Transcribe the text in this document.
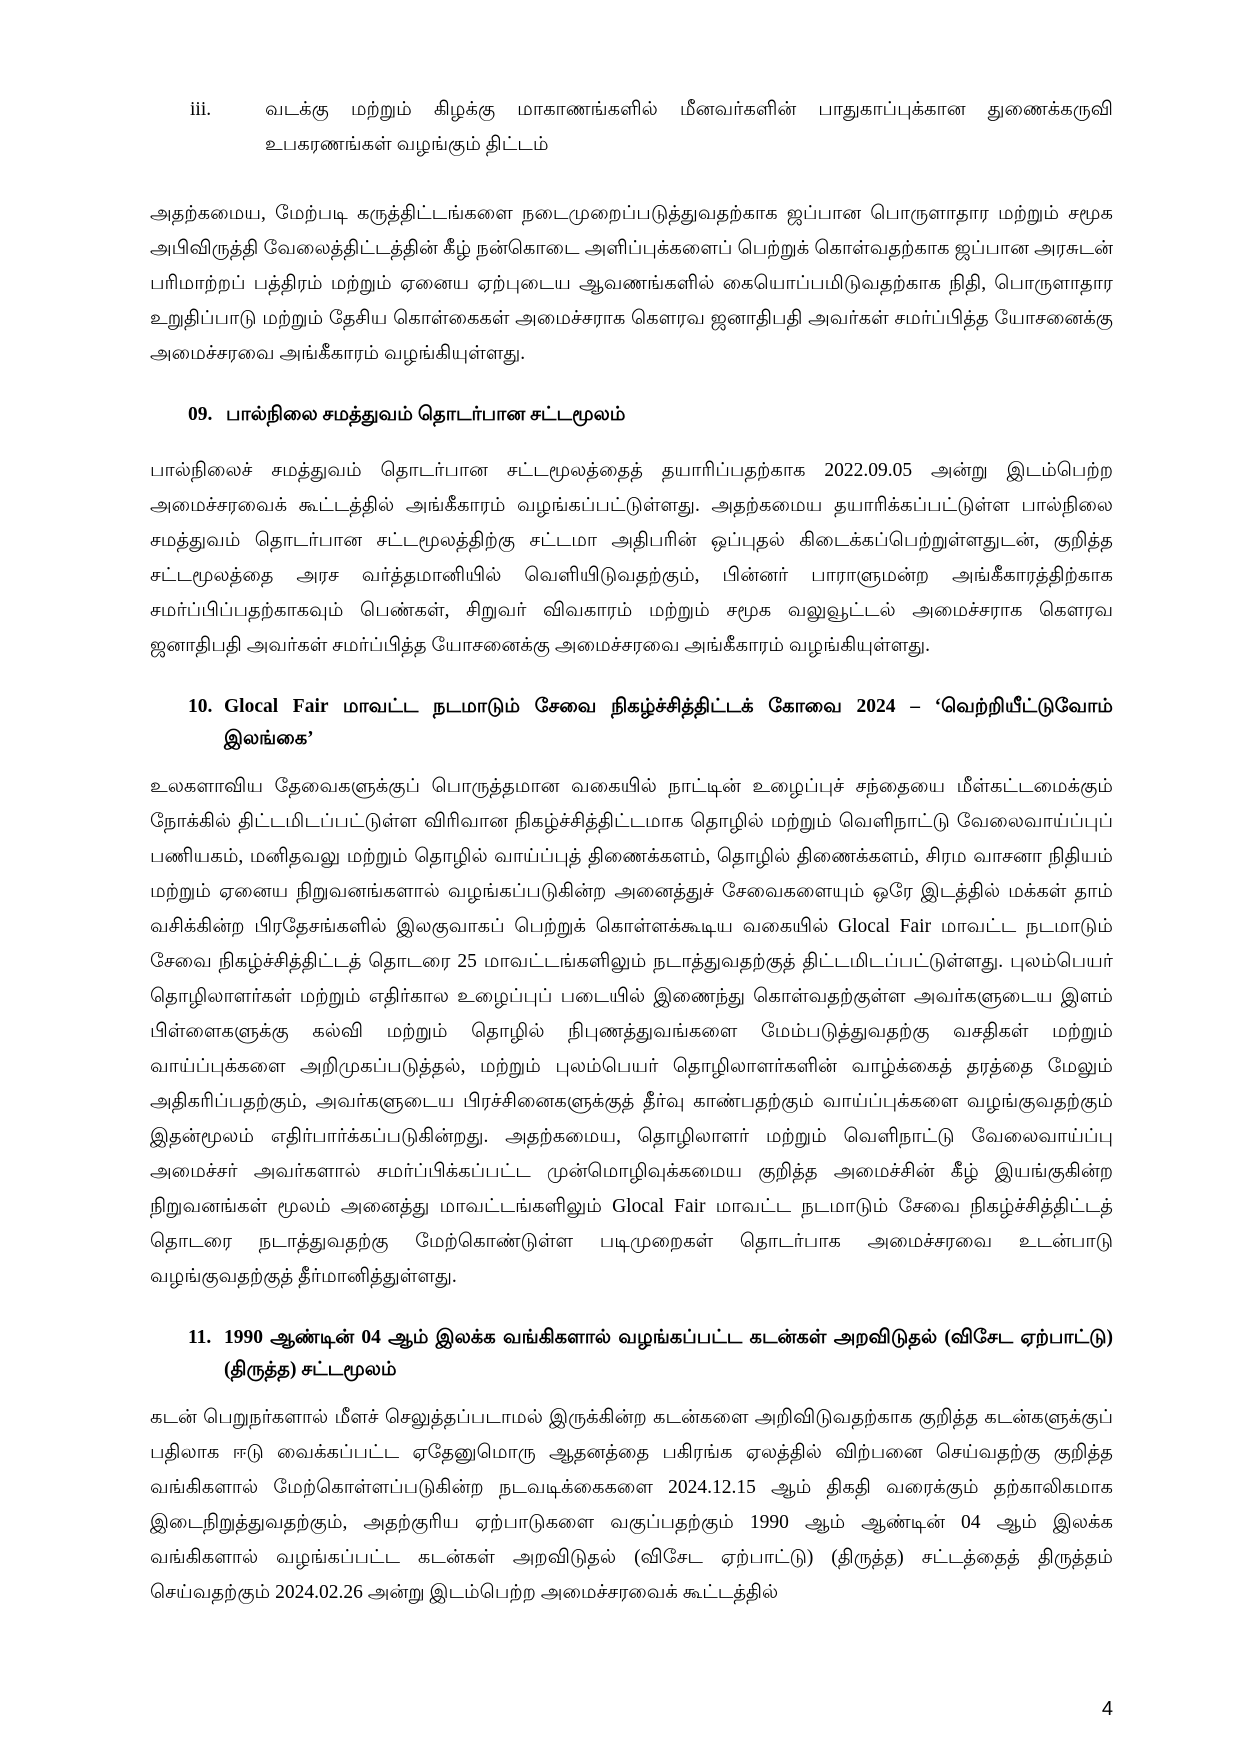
iii.	வடக்கு மற்றும் கிழக்கு மாகாணங்களில் மீனவர்களின் பாதுகாப்புக்கான துணைக்கருவி உபகரணங்கள் வழங்கும் திட்டம்

அதற்கமைய, மேற்படி கருத்திட்டங்களை நடைமுறைப்படுத்துவதற்காக ஜப்பான பொருளாதார மற்றும் சமூக அபிவிருத்தி வேலைத்திட்டத்தின் கீழ் நன்கொடை அளிப்புக்களைப் பெற்றுக் கொள்வதற்காக ஜப்பான அரசுடன் பரிமாற்றப் பத்திரம் மற்றும் ஏனைய ஏற்புடைய ஆவணங்களில் கையொப்பமிடுவதற்காக நிதி, பொருளாதார உறுதிப்பாடு மற்றும் தேசிய கொள்கைகள் அமைச்சராக கௌரவ ஜனாதிபதி அவர்கள் சமர்ப்பித்த யோசனைக்கு அமைச்சரவை அங்கீகாரம் வழங்கியுள்ளது.

09. பால்நிலை சமத்துவம் தொடர்பான சட்டமூலம்

பால்நிலைச் சமத்துவம் தொடர்பான சட்டமூலத்தைத் தயாரிப்பதற்காக 2022.09.05 அன்று இடம்பெற்ற அமைச்சரவைக் கூட்டத்தில் அங்கீகாரம் வழங்கப்பட்டுள்ளது. அதற்கமைய தயாரிக்கப்பட்டுள்ள பால்நிலை சமத்துவம் தொடர்பான சட்டமூலத்திற்கு சட்டமா அதிபரின் ஒப்புதல் கிடைக்கப்பெற்றுள்ளதுடன், குறித்த சட்டமூலத்தை அரச வர்த்தமானியில் வெளியிடுவதற்கும், பின்னர் பாராளுமன்ற அங்கீகாரத்திற்காக சமர்ப்பிப்பதற்காகவும் பெண்கள், சிறுவர் விவகாரம் மற்றும் சமூக வலுவூட்டல் அமைச்சராக கௌரவ ஜனாதிபதி அவர்கள் சமர்ப்பித்த யோசனைக்கு அமைச்சரவை அங்கீகாரம் வழங்கியுள்ளது.

10. Glocal Fair மாவட்ட நடமாடும் சேவை நிகழ்ச்சித்திட்டக் கோவை 2024 – ‘வெற்றியீட்டுவோம் இலங்கை’

உலகளாவிய தேவைகளுக்குப் பொருத்தமான வகையில் நாட்டின் உழைப்புச் சந்தையை மீள்கட்டமைக்கும் நோக்கில் திட்டமிடப்பட்டுள்ள விரிவான நிகழ்ச்சித்திட்டமாக தொழில் மற்றும் வெளிநாட்டு வேலைவாய்ப்புப் பணியகம், மனிதவலு மற்றும் தொழில் வாய்ப்புத் திணைக்களம், தொழில் திணைக்களம், சிரம வாசனா நிதியம் மற்றும் ஏனைய நிறுவனங்களால் வழங்கப்படுகின்ற அனைத்துச் சேவைகளையும் ஒரே இடத்தில் மக்கள் தாம் வசிக்கின்ற பிரதேசங்களில் இலகுவாகப் பெற்றுக் கொள்ளக்கூடிய வகையில் Glocal Fair மாவட்ட நடமாடும் சேவை நிகழ்ச்சித்திட்டத் தொடரை 25 மாவட்டங்களிலும் நடாத்துவதற்குத் திட்டமிடப்பட்டுள்ளது. புலம்பெயர் தொழிலாளர்கள் மற்றும் எதிர்கால உழைப்புப் படையில் இணைந்து கொள்வதற்குள்ள அவர்களுடைய இளம் பிள்ளைகளுக்கு கல்வி மற்றும் தொழில் நிபுணத்துவங்களை மேம்படுத்துவதற்கு வசதிகள் மற்றும் வாய்ப்புக்களை அறிமுகப்படுத்தல், மற்றும் புலம்பெயர் தொழிலாளர்களின் வாழ்க்கைத் தரத்தை மேலும் அதிகரிப்பதற்கும், அவர்களுடைய பிரச்சினைகளுக்குத் தீர்வு காண்பதற்கும் வாய்ப்புக்களை வழங்குவதற்கும் இதன்மூலம் எதிர்பார்க்கப்படுகின்றது. அதற்கமைய, தொழிலாளர் மற்றும் வெளிநாட்டு வேலைவாய்ப்பு அமைச்சர் அவர்களால் சமர்ப்பிக்கப்பட்ட முன்மொழிவுக்கமைய குறித்த அமைச்சின் கீழ் இயங்குகின்ற நிறுவனங்கள் மூலம் அனைத்து மாவட்டங்களிலும் Glocal Fair மாவட்ட நடமாடும் சேவை நிகழ்ச்சித்திட்டத் தொடரை நடாத்துவதற்கு மேற்கொண்டுள்ள படிமுறைகள் தொடர்பாக அமைச்சரவை உடன்பாடு வழங்குவதற்குத் தீர்மானித்துள்ளது.

11. 1990 ஆண்டின் 04 ஆம் இலக்க வங்கிகளால் வழங்கப்பட்ட கடன்கள் அறவிடுதல் (விசேட ஏற்பாட்டு) (திருத்த) சட்டமூலம்

கடன் பெறுநர்களால் மீளச் செலுத்தப்படாமல் இருக்கின்ற கடன்களை அறிவிடுவதற்காக குறித்த கடன்களுக்குப் பதிலாக ஈடு வைக்கப்பட்ட ஏதேனுமொரு ஆதனத்தை பகிரங்க ஏலத்தில் விற்பனை செய்வதற்கு குறித்த வங்கிகளால் மேற்கொள்ளப்படுகின்ற நடவடிக்கைகளை 2024.12.15 ஆம் திகதி வரைக்கும் தற்காலிகமாக இடைநிறுத்துவதற்கும், அதற்குரிய ஏற்பாடுகளை வகுப்பதற்கும் 1990 ஆம் ஆண்டின் 04 ஆம் இலக்க வங்கிகளால் வழங்கப்பட்ட கடன்கள் அறவிடுதல் (விசேட ஏற்பாட்டு) (திருத்த) சட்டத்தைத் திருத்தம் செய்வதற்கும் 2024.02.26 அன்று இடம்பெற்ற அமைச்சரவைக் கூட்டத்தில்

4
